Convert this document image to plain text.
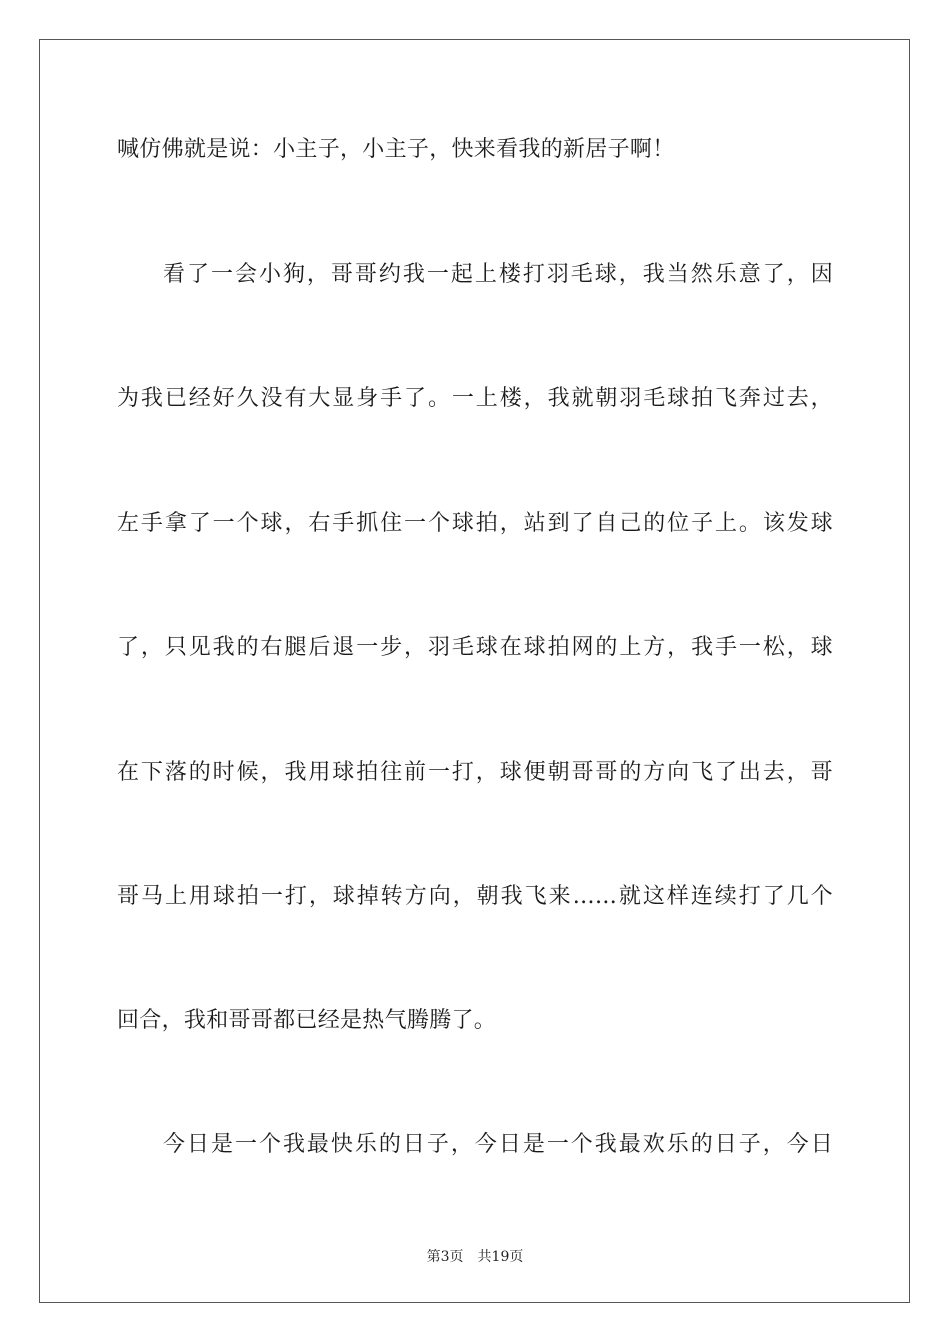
喊仿佛就是说：小主子，小主子，快来看我的新居子啊！
看了一会小狗，哥哥约我一起上楼打羽毛球，我当然乐意了，因
为我已经好久没有大显身手了。一上楼，我就朝羽毛球拍飞奔过去，
左手拿了一个球，右手抓住一个球拍，站到了自己的位子上。该发球
了，只见我的右腿后退一步，羽毛球在球拍网的上方，我手一松，球
在下落的时候，我用球拍往前一打，球便朝哥哥的方向飞了出去，哥
哥马上用球拍一打，球掉转方向，朝我飞来……就这样连续打了几个
回合，我和哥哥都已经是热气腾腾了。
今日是一个我最快乐的日子，今日是一个我最欢乐的日子，今日
第3页 共19页
